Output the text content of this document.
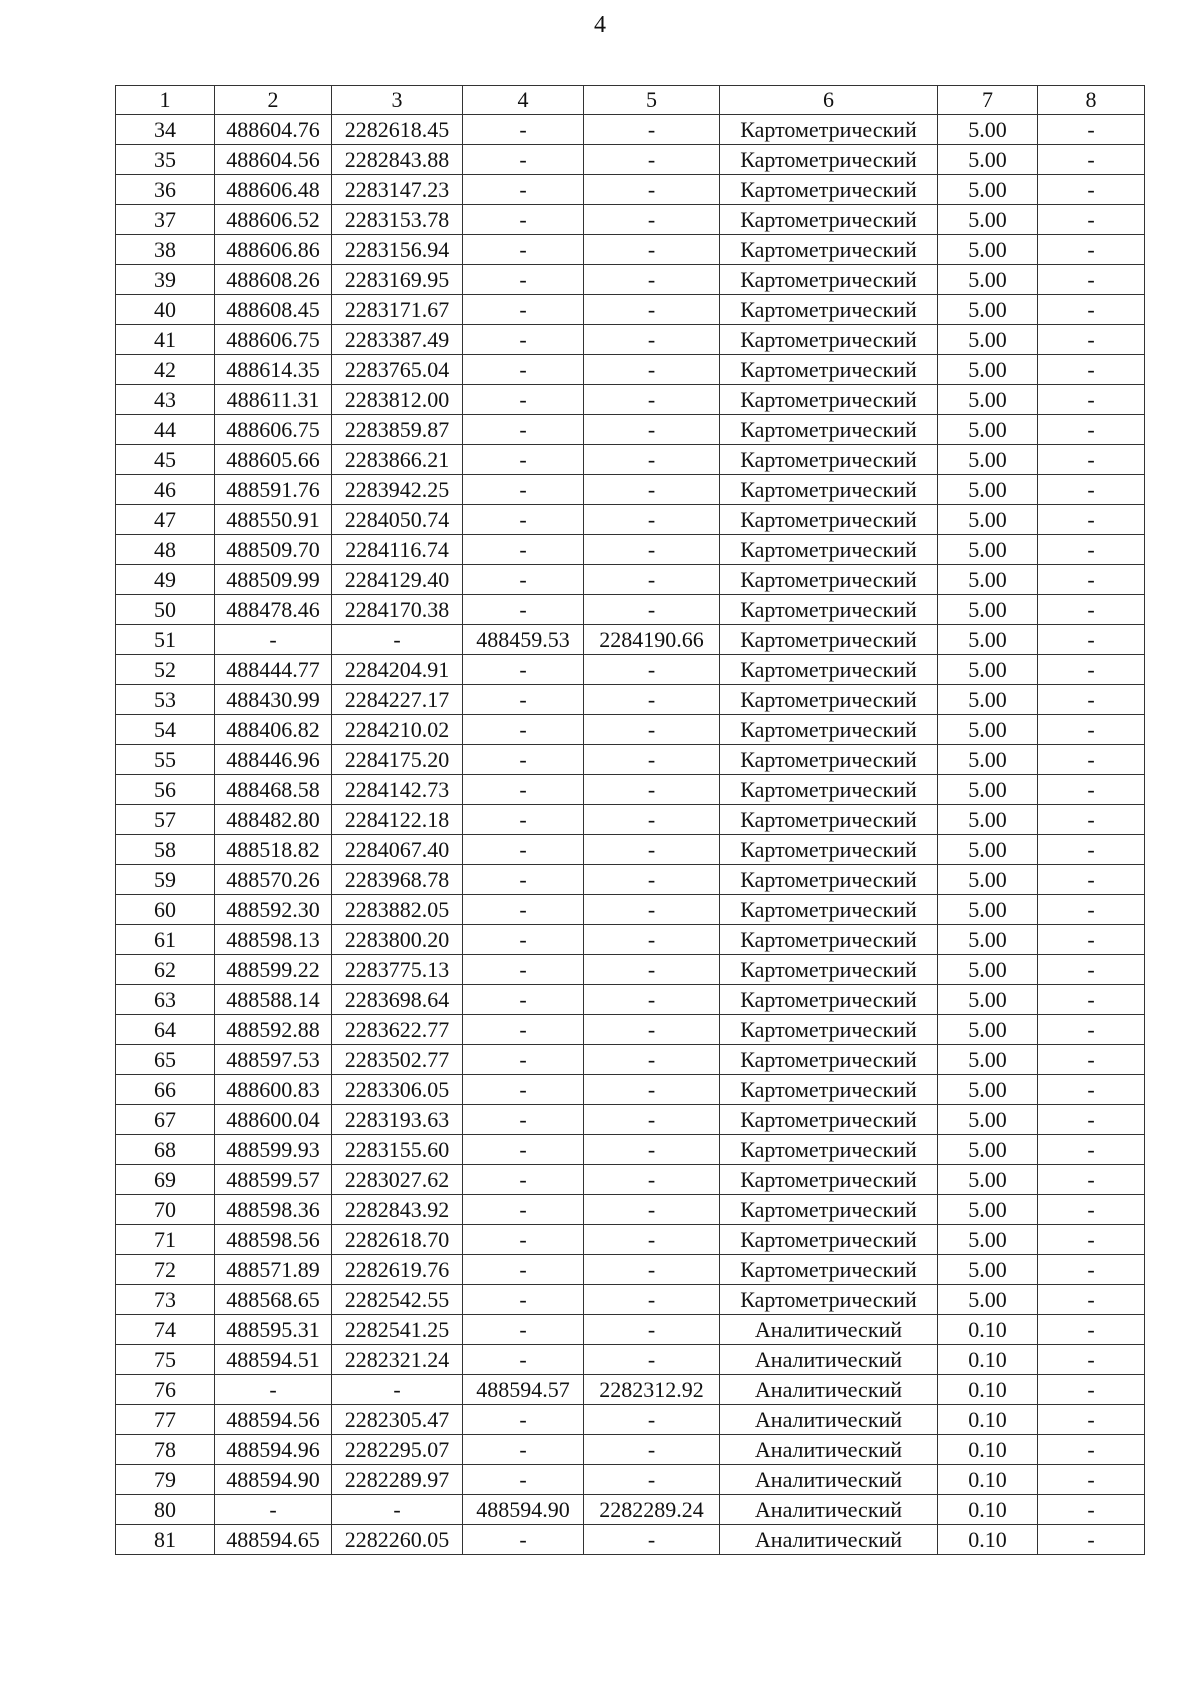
4
1	2	3	4	5	6	7	8
34	488604.76	2282618.45	-	-	Картометрический	5.00	-
35	488604.56	2282843.88	-	-	Картометрический	5.00	-
36	488606.48	2283147.23	-	-	Картометрический	5.00	-
37	488606.52	2283153.78	-	-	Картометрический	5.00	-
38	488606.86	2283156.94	-	-	Картометрический	5.00	-
39	488608.26	2283169.95	-	-	Картометрический	5.00	-
40	488608.45	2283171.67	-	-	Картометрический	5.00	-
41	488606.75	2283387.49	-	-	Картометрический	5.00	-
42	488614.35	2283765.04	-	-	Картометрический	5.00	-
43	488611.31	2283812.00	-	-	Картометрический	5.00	-
44	488606.75	2283859.87	-	-	Картометрический	5.00	-
45	488605.66	2283866.21	-	-	Картометрический	5.00	-
46	488591.76	2283942.25	-	-	Картометрический	5.00	-
47	488550.91	2284050.74	-	-	Картометрический	5.00	-
48	488509.70	2284116.74	-	-	Картометрический	5.00	-
49	488509.99	2284129.40	-	-	Картометрический	5.00	-
50	488478.46	2284170.38	-	-	Картометрический	5.00	-
51	-	-	488459.53	2284190.66	Картометрический	5.00	-
52	488444.77	2284204.91	-	-	Картометрический	5.00	-
53	488430.99	2284227.17	-	-	Картометрический	5.00	-
54	488406.82	2284210.02	-	-	Картометрический	5.00	-
55	488446.96	2284175.20	-	-	Картометрический	5.00	-
56	488468.58	2284142.73	-	-	Картометрический	5.00	-
57	488482.80	2284122.18	-	-	Картометрический	5.00	-
58	488518.82	2284067.40	-	-	Картометрический	5.00	-
59	488570.26	2283968.78	-	-	Картометрический	5.00	-
60	488592.30	2283882.05	-	-	Картометрический	5.00	-
61	488598.13	2283800.20	-	-	Картометрический	5.00	-
62	488599.22	2283775.13	-	-	Картометрический	5.00	-
63	488588.14	2283698.64	-	-	Картометрический	5.00	-
64	488592.88	2283622.77	-	-	Картометрический	5.00	-
65	488597.53	2283502.77	-	-	Картометрический	5.00	-
66	488600.83	2283306.05	-	-	Картометрический	5.00	-
67	488600.04	2283193.63	-	-	Картометрический	5.00	-
68	488599.93	2283155.60	-	-	Картометрический	5.00	-
69	488599.57	2283027.62	-	-	Картометрический	5.00	-
70	488598.36	2282843.92	-	-	Картометрический	5.00	-
71	488598.56	2282618.70	-	-	Картометрический	5.00	-
72	488571.89	2282619.76	-	-	Картометрический	5.00	-
73	488568.65	2282542.55	-	-	Картометрический	5.00	-
74	488595.31	2282541.25	-	-	Аналитический	0.10	-
75	488594.51	2282321.24	-	-	Аналитический	0.10	-
76	-	-	488594.57	2282312.92	Аналитический	0.10	-
77	488594.56	2282305.47	-	-	Аналитический	0.10	-
78	488594.96	2282295.07	-	-	Аналитический	0.10	-
79	488594.90	2282289.97	-	-	Аналитический	0.10	-
80	-	-	488594.90	2282289.24	Аналитический	0.10	-
81	488594.65	2282260.05	-	-	Аналитический	0.10	-
